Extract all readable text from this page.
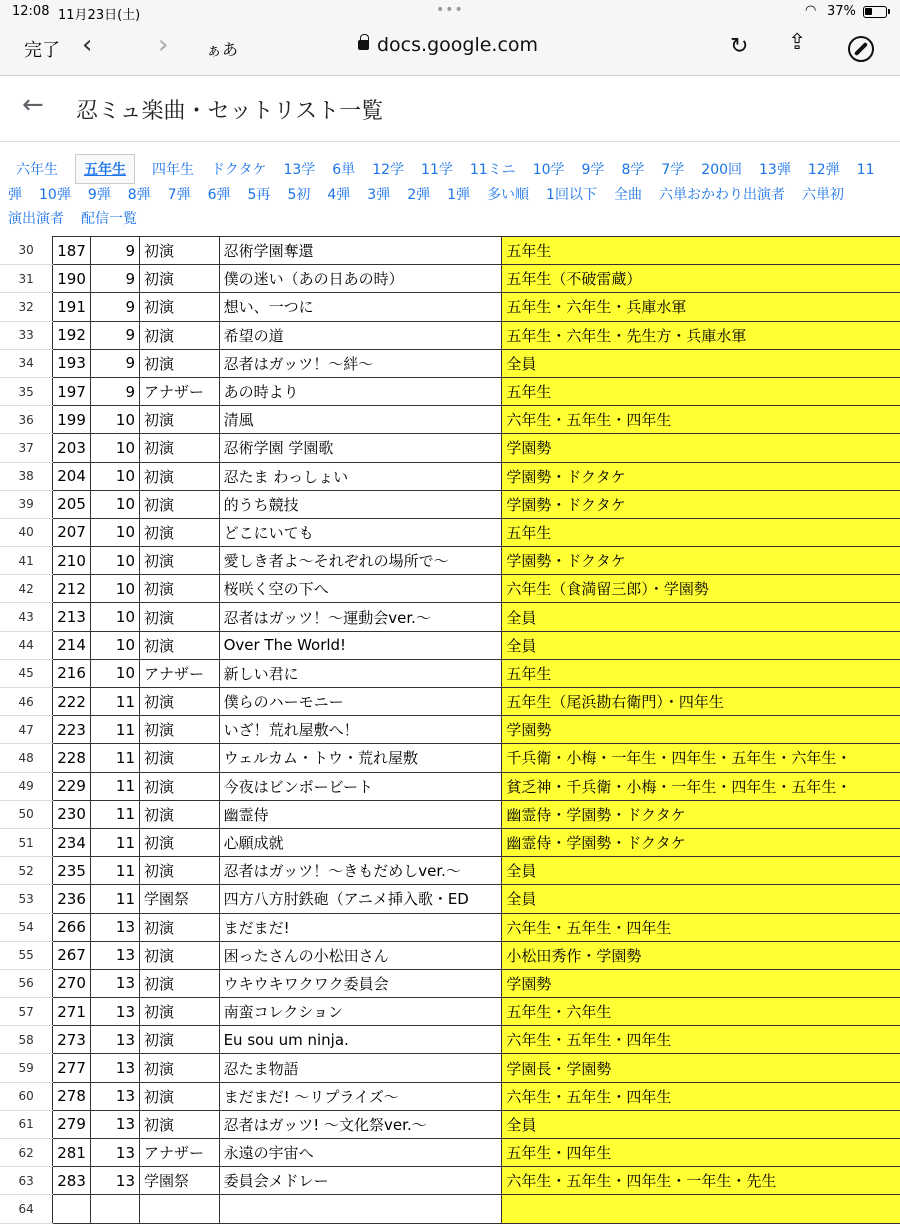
12:08 11月23日(土)	•••	◠ 37%
完了 ‹	› ぁあ	docs.google.com	↻ ⇪
← 忍ミュ楽曲・セットリスト一覧
六年生 五年生 四年生 ドクタケ 13学 6単 12学 11学 11ミニ 10学 9学 8学 7学 200回 13弾 12弾 11
弾 10弾 9弾 8弾 7弾 6弾 5再 5初 4弾 3弾 2弾 1弾 多い順 1回以下 全曲 六単おかわり出演者 六単初
演出演者 配信一覧
30	187	9	初演	忍術学園奪還	五年生
31	190	9	初演	僕の迷い（あの日あの時）	五年生（不破雷蔵）
32	191	9	初演	想い、一つに	五年生・六年生・兵庫水軍
33	192	9	初演	希望の道	五年生・六年生・先生方・兵庫水軍
34	193	9	初演	忍者はガッツ！〜絆〜	全員
35	197	9	アナザー	あの時より	五年生
36	199	10	初演	清風	六年生・五年生・四年生
37	203	10	初演	忍術学園 学園歌	学園勢
38	204	10	初演	忍たま わっしょい	学園勢・ドクタケ
39	205	10	初演	的うち競技	学園勢・ドクタケ
40	207	10	初演	どこにいても	五年生
41	210	10	初演	愛しき者よ〜それぞれの場所で〜	学園勢・ドクタケ
42	212	10	初演	桜咲く空の下へ	六年生（食満留三郎）・学園勢
43	213	10	初演	忍者はガッツ！〜運動会ver.〜	全員
44	214	10	初演	Over The World!	全員
45	216	10	アナザー	新しい君に	五年生
46	222	11	初演	僕らのハーモニー	五年生（尾浜勘右衛門）・四年生
47	223	11	初演	いざ！荒れ屋敷へ！	学園勢
48	228	11	初演	ウェルカム・トウ・荒れ屋敷	千兵衛・小梅・一年生・四年生・五年生・六年生・
49	229	11	初演	今夜はビンボービート	貧乏神・千兵衛・小梅・一年生・四年生・五年生・
50	230	11	初演	幽霊侍	幽霊侍・学園勢・ドクタケ
51	234	11	初演	心願成就	幽霊侍・学園勢・ドクタケ
52	235	11	初演	忍者はガッツ！〜きもだめしver.〜	全員
53	236	11	学園祭	四方八方肘鉄砲（アニメ挿入歌・ED	全員
54	266	13	初演	まだまだ!	六年生・五年生・四年生
55	267	13	初演	困ったさんの小松田さん	小松田秀作・学園勢
56	270	13	初演	ウキウキワクワク委員会	学園勢
57	271	13	初演	南蛮コレクション	五年生・六年生
58	273	13	初演	Eu sou um ninja.	六年生・五年生・四年生
59	277	13	初演	忍たま物語	学園長・学園勢
60	278	13	初演	まだまだ! 〜リプライズ〜	六年生・五年生・四年生
61	279	13	初演	忍者はガッツ! 〜文化祭ver.〜	全員
62	281	13	アナザー	永遠の宇宙へ	五年生・四年生
63	283	13	学園祭	委員会メドレー	六年生・五年生・四年生・一年生・先生
64					
